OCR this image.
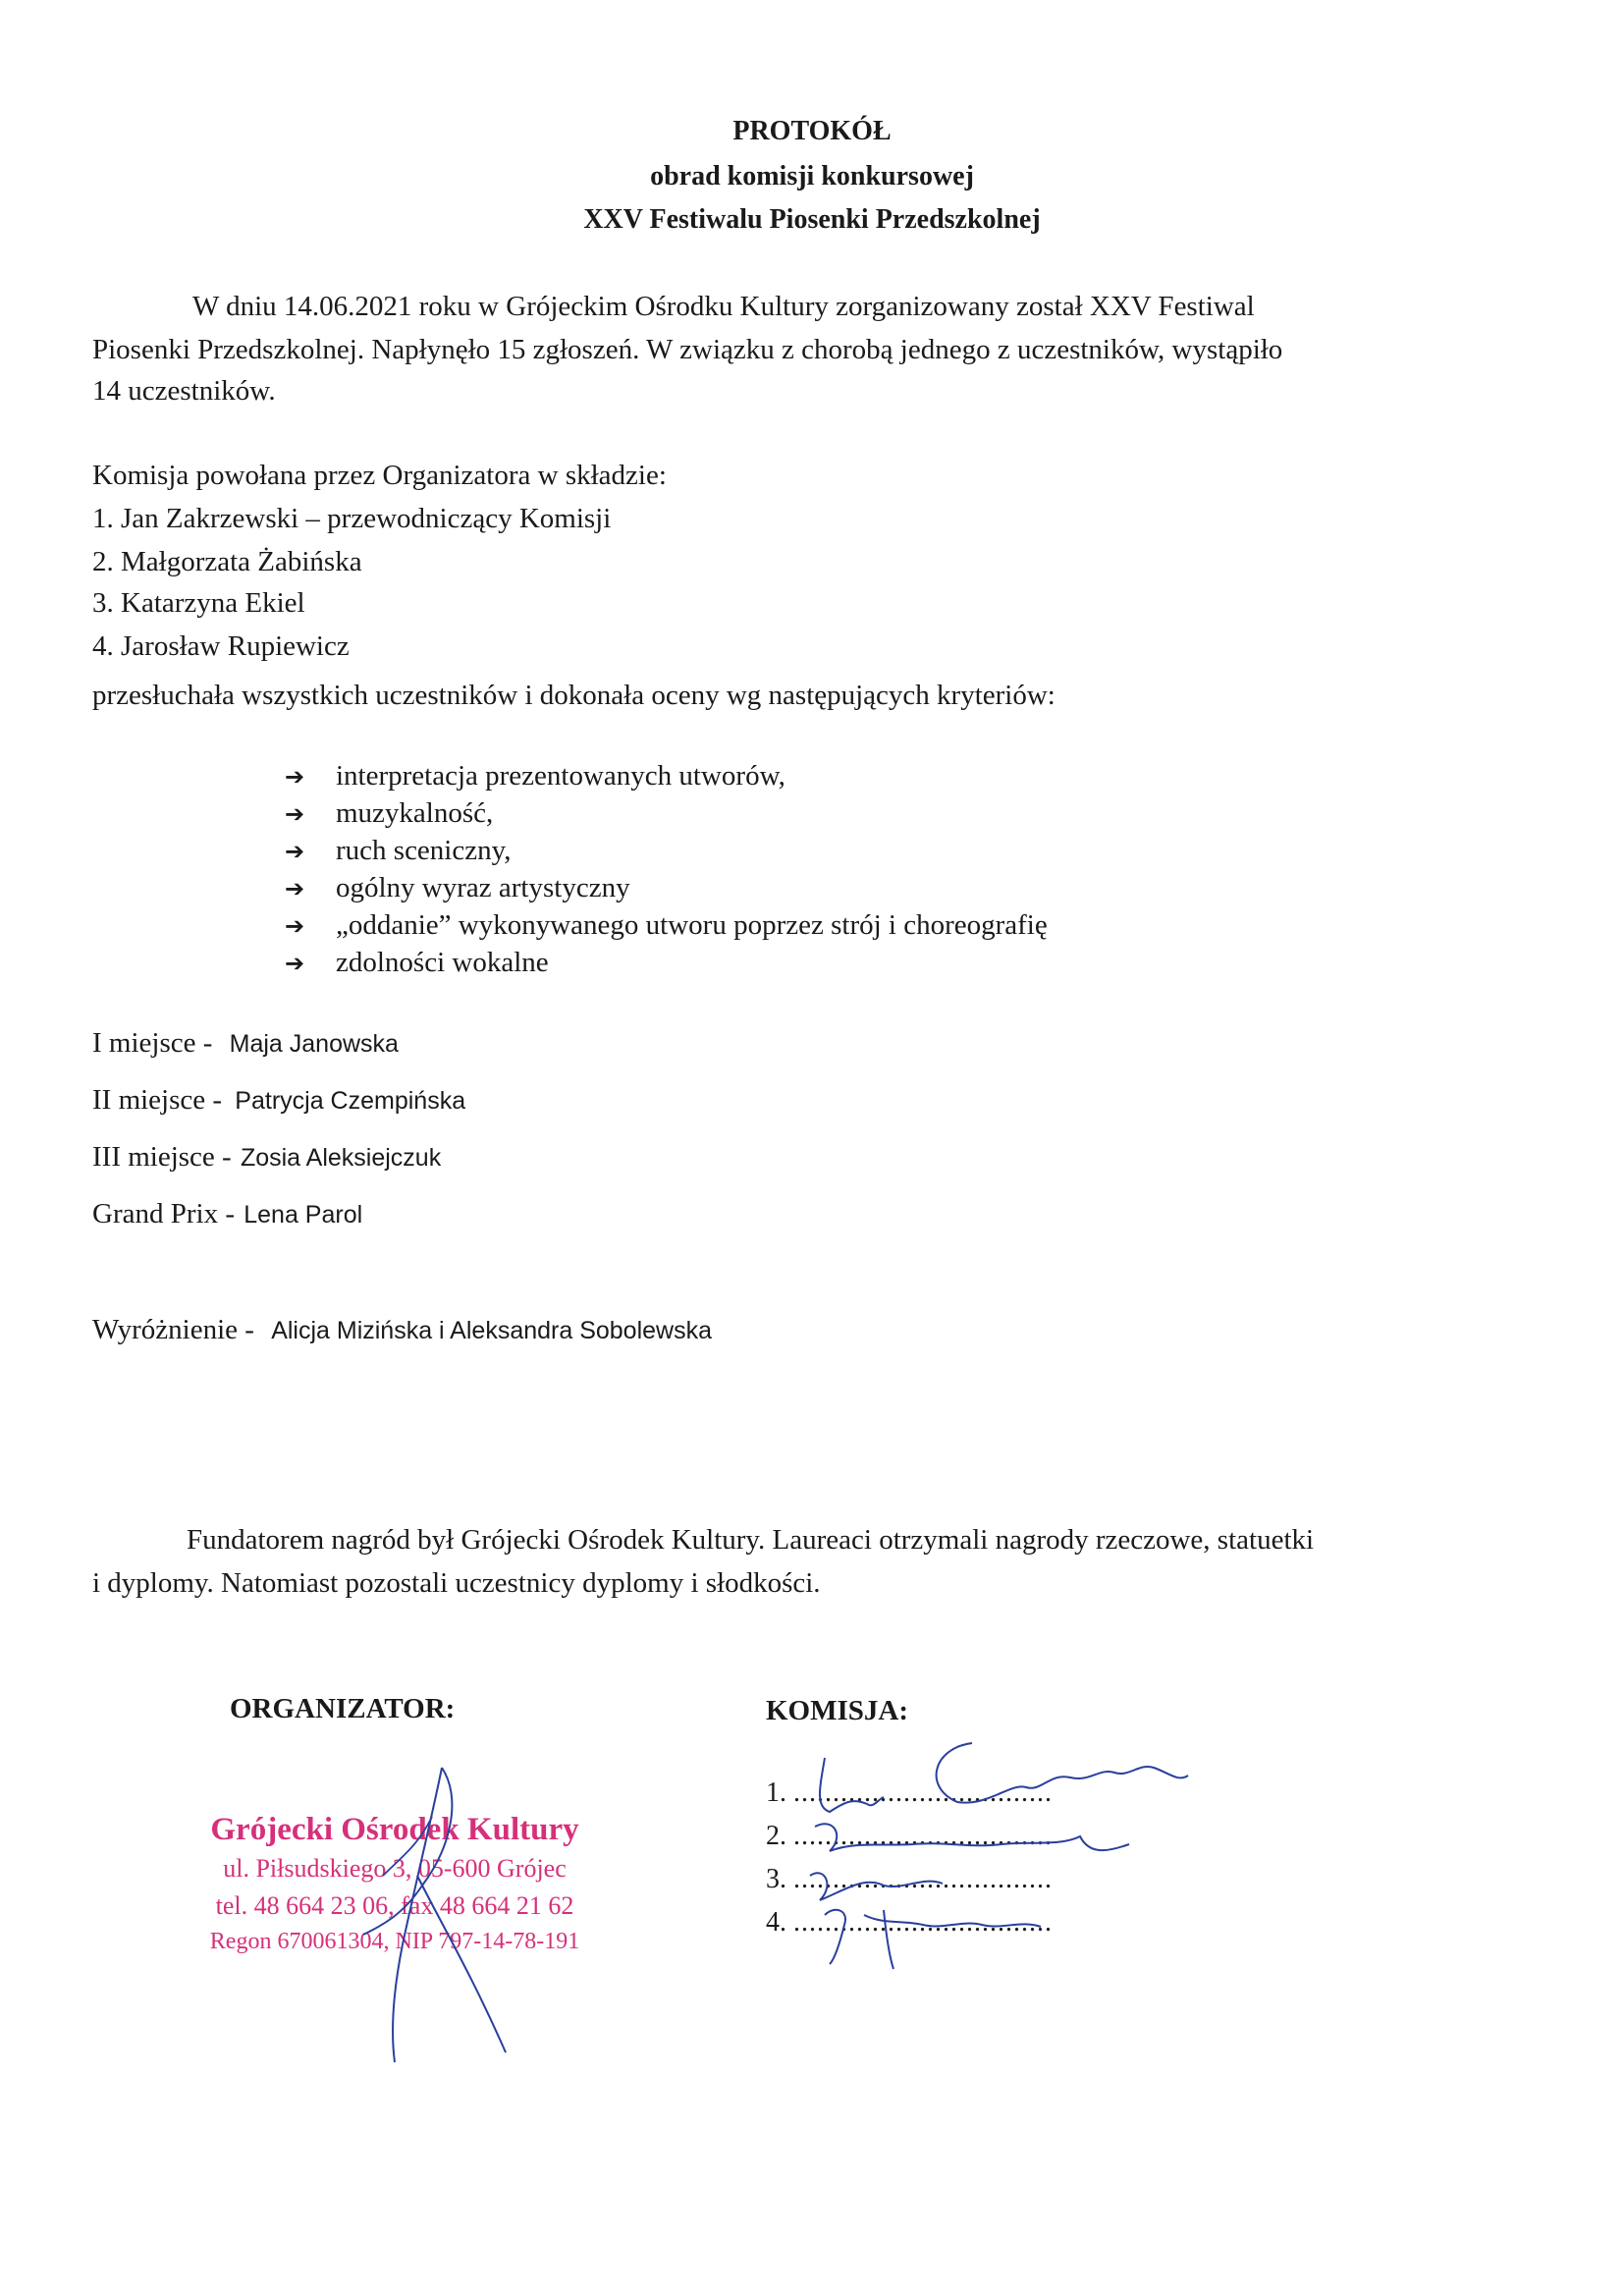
PROTOKÓŁ
obrad komisji konkursowej
XXV Festiwalu Piosenki Przedszkolnej
W dniu 14.06.2021 roku w Grójeckim Ośrodku Kultury zorganizowany został XXV Festiwal
Piosenki Przedszkolnej. Napłynęło 15 zgłoszeń. W związku z chorobą jednego z uczestników, wystąpiło
14 uczestników.
Komisja powołana przez Organizatora w składzie:
1. Jan Zakrzewski – przewodniczący Komisji
2. Małgorzata Żabińska
3. Katarzyna Ekiel
4. Jarosław Rupiewicz
przesłuchała wszystkich uczestników i dokonała oceny wg następujących kryteriów:
➔ interpretacja prezentowanych utworów,
➔ muzykalność,
➔ ruch sceniczny,
➔ ogólny wyraz artystyczny
➔ „oddanie” wykonywanego utworu poprzez strój i choreografię
➔ zdolności wokalne
I miejsce - Maja Janowska
II miejsce - Patrycja Czempińska
III miejsce - Zosia Aleksiejczuk
Grand Prix - Lena Parol
Wyróżnienie - Alicja Mizińska i Aleksandra Sobolewska
Fundatorem nagród był Grójecki Ośrodek Kultury. Laureaci otrzymali nagrody rzeczowe, statuetki
i dyplomy. Natomiast pozostali uczestnicy dyplomy i słodkości.
ORGANIZATOR:	KOMISJA:
Grójecki Ośrodek Kultury
ul. Piłsudskiego 3, 05-600 Grójec
tel. 48 664 23 06, fax 48 664 21 62
Regon 670061304, NIP 797-14-78-191
1. .................................
2. .................................
3. .................................
4. .................................
